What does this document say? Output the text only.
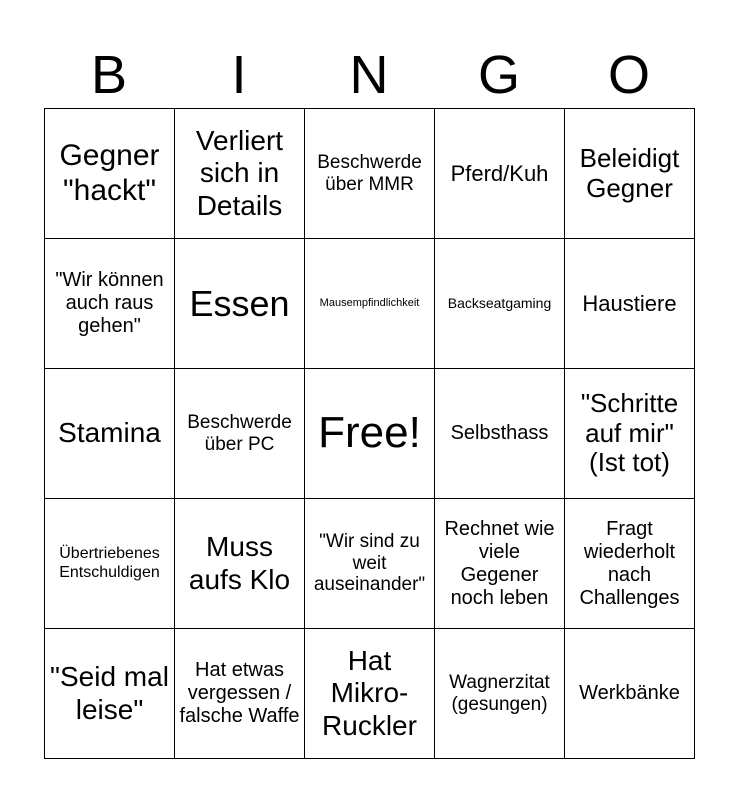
B	I	N	G	O
Gegner "hackt"	Verliert sich in Details	Beschwerde über MMR	Pferd/Kuh	Beleidigt Gegner
"Wir können auch raus gehen"	Essen	Mausempfindlichkeit	Backseatgaming	Haustiere
Stamina	Beschwerde über PC	Free!	Selbsthass	"Schritte auf mir" (Ist tot)
Übertriebenes Entschuldigen	Muss aufs Klo	"Wir sind zu weit auseinander"	Rechnet wie viele Gegener noch leben	Fragt wiederholt nach Challenges
"Seid mal leise"	Hat etwas vergessen / falsche Waffe	Hat Mikro-Ruckler	Wagnerzitat (gesungen)	Werkbänke
